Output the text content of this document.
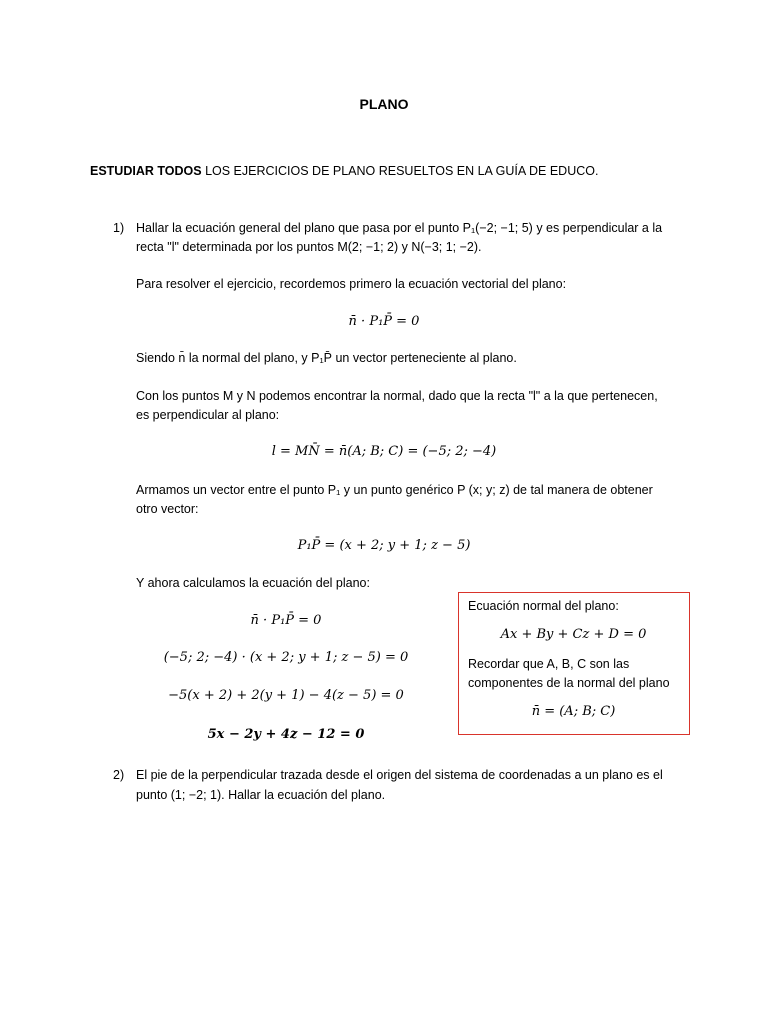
PLANO
ESTUDIAR TODOS LOS EJERCICIOS DE PLANO RESUELTOS EN LA GUÍA DE EDUCO.
1) Hallar la ecuación general del plano que pasa por el punto P₁(−2; −1; 5) y es perpendicular a la
recta "l" determinada por los puntos M(2; −1; 2) y N(−3; 1; −2).
Para resolver el ejercicio, recordemos primero la ecuación vectorial del plano:
n̄ · P₁P̄ = 0
Siendo n̄ la normal del plano, y P₁P̄ un vector perteneciente al plano.
Con los puntos M y N podemos encontrar la normal, dado que la recta "l" a la que pertenecen,
es perpendicular al plano:
l = MN̄ = n̄(A; B; C) = (−5; 2; −4)
Armamos un vector entre el punto P₁ y un punto genérico P (x; y; z) de tal manera de obtener
otro vector:
P₁P̄ = (x + 2; y + 1; z − 5)
Y ahora calculamos la ecuación del plano:
n̄ · P₁P̄ = 0
(−5; 2; −4) · (x + 2; y + 1; z − 5) = 0
−5(x + 2) + 2(y + 1) − 4(z − 5) = 0
5x − 2y + 4z − 12 = 0
Ecuación normal del plano:
Ax + By + Cz + D = 0
Recordar que A, B, C son las
componentes de la normal del plano
n̄ = (A; B; C)
2) El pie de la perpendicular trazada desde el origen del sistema de coordenadas a un plano es el
punto (1; −2; 1). Hallar la ecuación del plano.
